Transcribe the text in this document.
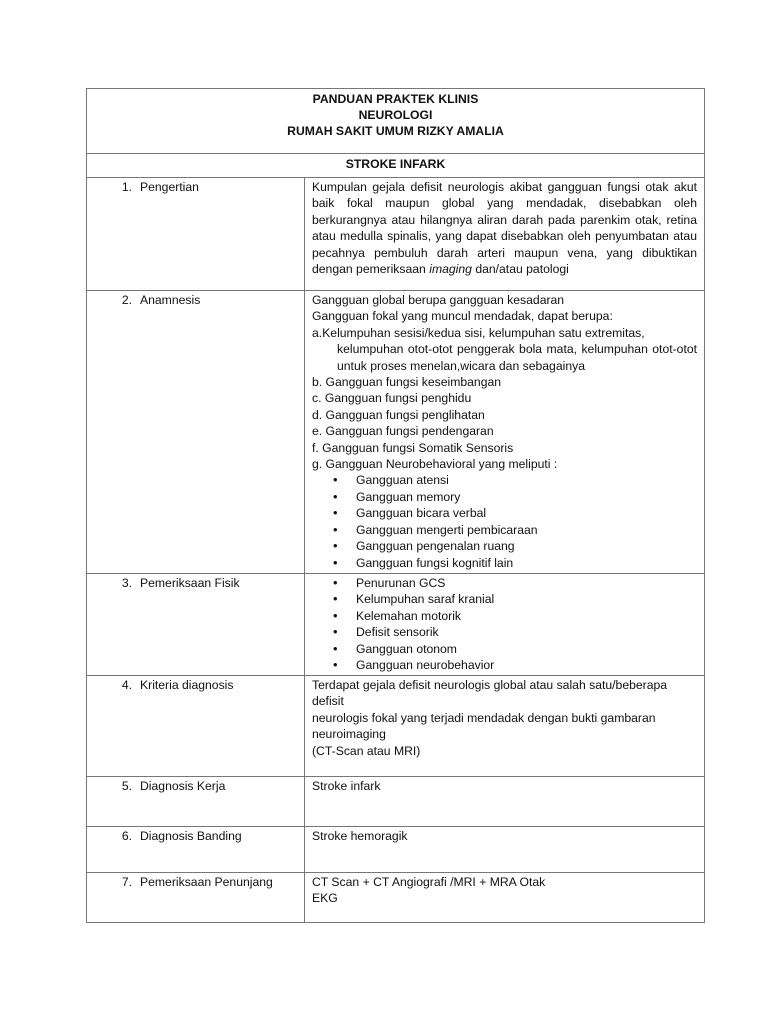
PANDUAN PRAKTEK KLINIS
NEUROLOGI
RUMAH SAKIT UMUM RIZKY AMALIA
STROKE INFARK
1. Pengertian	Kumpulan gejala defisit neurologis akibat gangguan fungsi otak akut baik fokal maupun global yang mendadak, disebabkan oleh berkurangnya atau hilangnya aliran darah pada parenkim otak, retina atau medulla spinalis, yang dapat disebabkan oleh penyumbatan atau pecahnya pembuluh darah arteri maupun vena, yang dibuktikan dengan pemeriksaan imaging dan/atau patologi
2. Anamnesis	Gangguan global berupa gangguan kesadaran
Gangguan fokal yang muncul mendadak, dapat berupa:
a.Kelumpuhan sesisi/kedua sisi, kelumpuhan satu extremitas,
kelumpuhan otot-otot penggerak bola mata, kelumpuhan otot-otot untuk proses menelan,wicara dan sebagainya
b. Gangguan fungsi keseimbangan
c. Gangguan fungsi penghidu
d. Gangguan fungsi penglihatan
e. Gangguan fungsi pendengaran
f. Gangguan fungsi Somatik Sensoris
g. Gangguan Neurobehavioral yang meliputi :
• Gangguan atensi
• Gangguan memory
• Gangguan bicara verbal
• Gangguan mengerti pembicaraan
• Gangguan pengenalan ruang
• Gangguan fungsi kognitif lain
3. Pemeriksaan Fisik
•	Penurunan GCS
• Kelumpuhan saraf kranial
• Kelemahan motorik
• Defisit sensorik
• Gangguan otonom
• Gangguan neurobehavior
4. Kriteria diagnosis	Terdapat gejala defisit neurologis global atau salah satu/beberapa defisit
neurologis fokal yang terjadi mendadak dengan bukti gambaran neuroimaging
(CT-Scan atau MRI)
5. Diagnosis Kerja	Stroke infark
6. Diagnosis Banding	Stroke hemoragik
7. Pemeriksaan Penunjang	CT Scan + CT Angiografi /MRI + MRA Otak
EKG
